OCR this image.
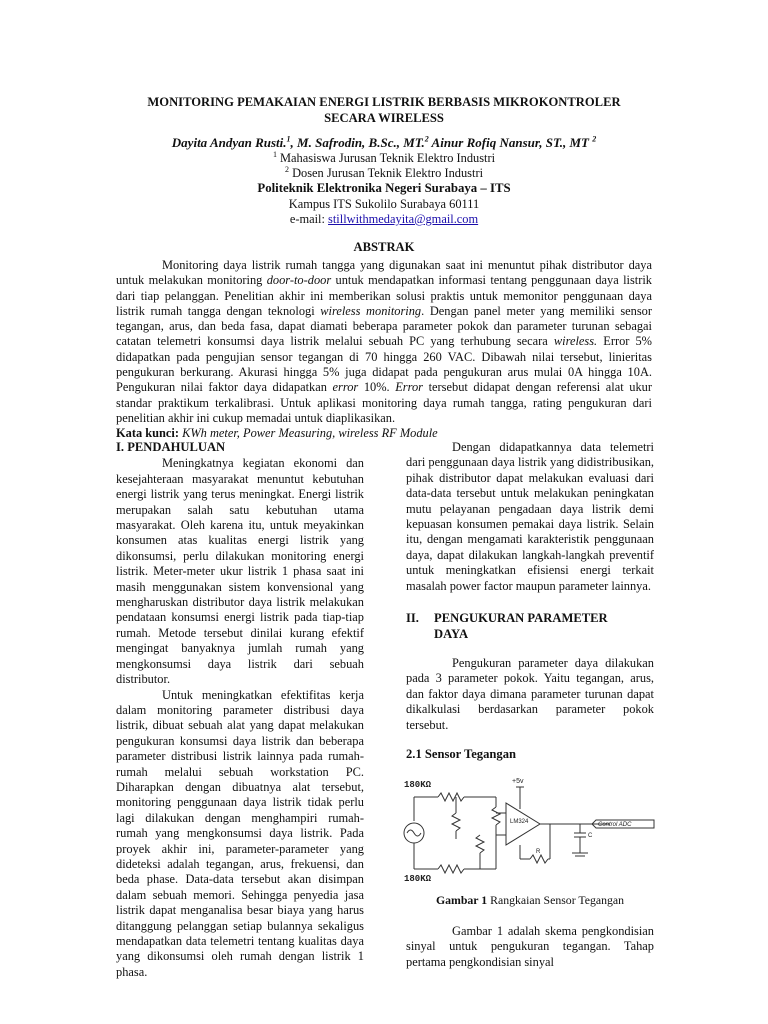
MONITORING PEMAKAIAN ENERGI LISTRIK BERBASIS MIKROKONTROLER
SECARA WIRELESS
Dayita Andyan Rusti.$^1$, M. Safrodin, B.Sc., MT.$^2$ Ainur Rofiq Nansur, ST., MT $^2$
$^1$ Mahasiswa Jurusan Teknik Elektro Industri
$^2$ Dosen Jurusan Teknik Elektro Industri
Politeknik Elektronika Negeri Surabaya – ITS
Kampus ITS Sukolilo Surabaya 60111
e-mail: stillwithmedayita@gmail.com
ABSTRAK

Monitoring daya listrik rumah tangga yang digunakan saat ini menuntut pihak distributor daya untuk melakukan monitoring door-to-door untuk mendapatkan informasi tentang penggunaan daya listrik dari tiap pelanggan. Penelitian akhir ini memberikan solusi praktis untuk memonitor penggunaan daya listrik rumah tangga dengan teknologi wireless monitoring. Dengan panel meter yang memiliki sensor tegangan, arus, dan beda fasa, dapat diamati beberapa parameter pokok dan parameter turunan sebagai catatan telemetri konsumsi daya listrik melalui sebuah PC yang terhubung secara wireless. Error 5% didapatkan pada pengujian sensor tegangan di 70 hingga 260 VAC. Dibawah nilai tersebut, linieritas pengukuran berkurang. Akurasi hingga 5% juga didapat pada pengukuran arus mulai 0A hingga 10A. Pengukuran nilai faktor daya didapatkan error 10%. Error tersebut didapat dengan referensi alat ukur standar praktikum terkalibrasi. Untuk aplikasi monitoring daya rumah tangga, rating pengukuran dari penelitian akhir ini cukup memadai untuk diaplikasikan.

Kata kunci: KWh meter, Power Measuring, wireless RF Module
I. PENDAHULUAN

Meningkatnya kegiatan ekonomi dan kesejahteraan masyarakat menuntut kebutuhan energi listrik yang terus meningkat. Energi listrik merupakan salah satu kebutuhan utama masyarakat. Oleh karena itu, untuk meyakinkan konsumen atas kualitas energi listrik yang dikonsumsi, perlu dilakukan monitoring energi listrik. Meter-meter ukur listrik 1 phasa saat ini masih menggunakan sistem konvensional yang mengharuskan distributor daya listrik melakukan pendataan konsumsi energi listrik pada tiap-tiap rumah. Metode tersebut dinilai kurang efektif mengingat banyaknya jumlah rumah yang mengkonsumsi daya listrik dari sebuah distributor.

Untuk meningkatkan efektifitas kerja dalam monitoring parameter distribusi daya listrik, dibuat sebuah alat yang dapat melakukan pengukuran konsumsi daya listrik dan beberapa parameter distribusi listrik lainnya pada rumah-rumah melalui sebuah workstation PC. Diharapkan dengan dibuatnya alat tersebut, monitoring penggunaan daya listrik tidak perlu lagi dilakukan dengan menghampiri rumah-rumah yang mengkonsumsi daya listrik. Pada proyek akhir ini, parameter-parameter yang dideteksi adalah tegangan, arus, frekuensi, dan beda phase. Data-data tersebut akan disimpan dalam sebuah memori. Sehingga penyedia jasa listrik dapat menganalisa besar biaya yang harus ditanggung pelanggan setiap bulannya sekaligus mendapatkan data telemetri tentang kualitas daya yang dikonsumsi oleh rumah dengan listrik 1 phasa.

Dengan didapatkannya data telemetri dari penggunaan daya listrik yang didistribusikan, pihak distributor dapat melakukan evaluasi dari data-data tersebut untuk melakukan peningkatan mutu pelayanan pengadaan daya listrik demi kepuasan konsumen pemakai daya listrik. Selain itu, dengan mengamati karakteristik penggunaan daya, dapat dilakukan langkah-langkah preventif untuk meningkatkan efisiensi energi terkait masalah power factor maupun parameter lainnya.

II.	PENGUKURAN PARAMETER
DAYA

Pengukuran parameter daya dilakukan pada 3 parameter pokok. Yaitu tegangan, arus, dan faktor daya dimana parameter turunan dapat dikalkulasi berdasarkan parameter pokok tersebut.

2.1 Sensor Tegangan
180KΩ
180KΩ
+5v
LM324	Control ADC
R
C
Gambar 1 Rangkaian Sensor Tegangan

Gambar 1 adalah skema pengkondisian sinyal untuk pengukuran tegangan. Tahap pertama pengkondisian sinyal
